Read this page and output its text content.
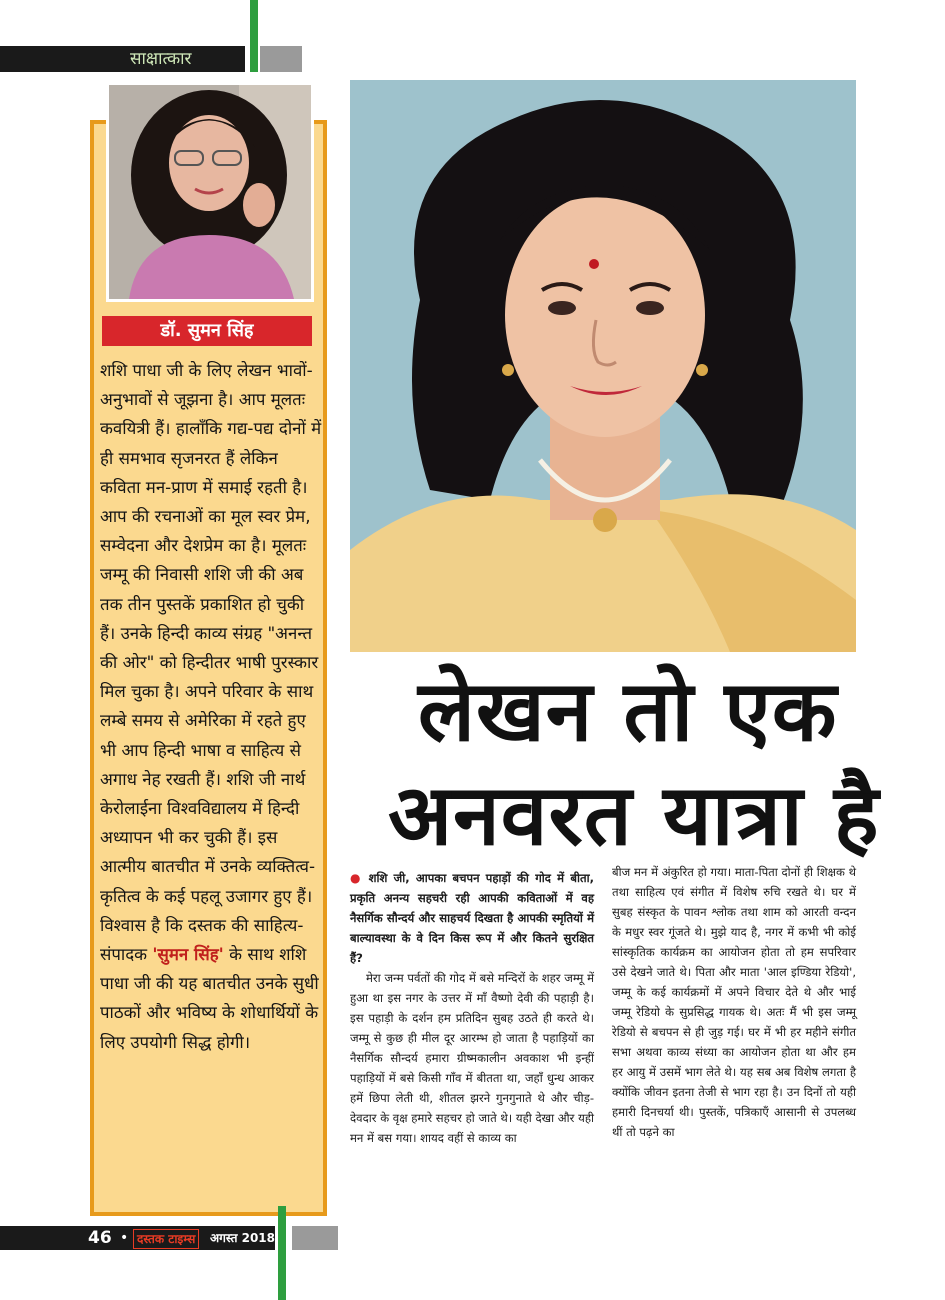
साक्षात्कार
डॉ. सुमन सिंह
शशि पाधा जी के लिए लेखन भावों-अनुभावों से जूझना है। आप मूलतः कवयित्री हैं। हालाँकि गद्य-पद्य दोनों में ही समभाव सृजनरत हैं लेकिन कविता मन-प्राण में समाई रहती है। आप की रचनाओं का मूल स्वर प्रेम, सम्वेदना और देशप्रेम का है। मूलतः जम्मू की निवासी शशि जी की अब तक तीन पुस्तकें प्रकाशित हो चुकी हैं। उनके हिन्दी काव्य संग्रह "अनन्त की ओर" को हिन्दीतर भाषी पुरस्कार मिल चुका है। अपने परिवार के साथ लम्बे समय से अमेरिका में रहते हुए भी आप हिन्दी भाषा व साहित्य से अगाध नेह रखती हैं। शशि जी नार्थ केरोलाईना विश्वविद्यालय में हिन्दी अध्यापन भी कर चुकी हैं। इस आत्मीय बातचीत में उनके व्यक्तित्व-कृतित्व के कई पहलू उजागर हुए हैं। विश्वास है कि दस्तक की साहित्य-संपादक 'सुमन सिंह' के साथ शशि पाधा जी की यह बातचीत उनके सुधी पाठकों और भविष्य के शोधार्थियों के लिए उपयोगी सिद्ध होगी।
लेखन तो एक
अनवरत यात्रा है
● शशि जी, आपका बचपन पहाड़ों की गोद में बीता, प्रकृति अनन्य सहचरी रही आपकी कविताओं में वह नैसर्गिक सौन्दर्य और साहचर्य दिखता है आपकी स्मृतियों में बाल्यावस्था के वे दिन किस रूप में और कितने सुरक्षित हैं?
मेरा जन्म पर्वतों की गोद में बसे मन्दिरों के शहर जम्मू में हुआ था इस नगर के उत्तर में माँ वैष्णो देवी की पहाड़ी है। इस पहाड़ी के दर्शन हम प्रतिदिन सुबह उठते ही करते थे। जम्मू से कुछ ही मील दूर आरम्भ हो जाता है पहाड़ियों का नैसर्गिक सौन्दर्य हमारा ग्रीष्मकालीन अवकाश भी इन्हीं पहाड़ियों में बसे किसी गाँव में बीतता था, जहाँ धुन्ध आकर हमें छिपा लेती थी, शीतल झरने गुनगुनाते थे और चीड़-देवदार के वृक्ष हमारे सहचर हो जाते थे। यही देखा और यही मन में बस गया। शायद वहीं से काव्य का
बीज मन में अंकुरित हो गया। माता-पिता दोनों ही शिक्षक थे तथा साहित्य एवं संगीत में विशेष रुचि रखते थे। घर में सुबह संस्कृत के पावन श्लोक तथा शाम को आरती वन्दन के मधुर स्वर गूंजते थे। मुझे याद है, नगर में कभी भी कोई सांस्कृतिक कार्यक्रम का आयोजन होता तो हम सपरिवार उसे देखने जाते थे। पिता और माता 'आल इण्डिया रेडियो', जम्मू के कई कार्यक्रमों में अपने विचार देते थे और भाई जम्मू रेडियो के सुप्रसिद्ध गायक थे। अतः मैं भी इस जम्मू रेडियो से बचपन से ही जुड़ गई। घर में भी हर महीने संगीत सभा अथवा काव्य संध्या का आयोजन होता था और हम हर आयु में उसमें भाग लेते थे। यह सब अब विशेष लगता है क्योंकि जीवन इतना तेजी से भाग रहा है। उन दिनों तो यही हमारी दिनचर्या थी। पुस्तकें, पत्रिकाएँ आसानी से उपलब्ध थीं तो पढ़ने का
46 • दस्तक टाइम्स	अगस्त 2018
